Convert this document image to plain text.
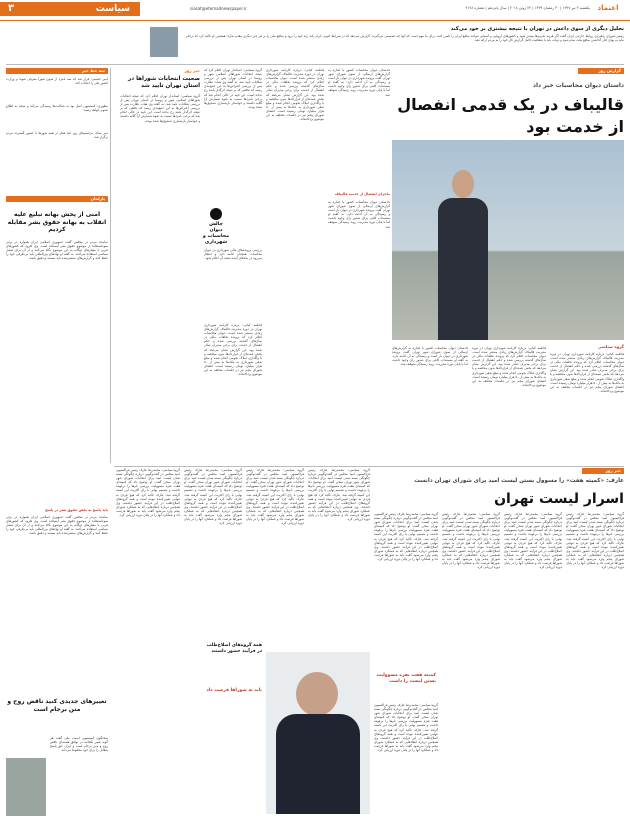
اعتماد
یکشنبه ۳ تیر ۱۳۹۷ | ۳۰ رمضان ۱۴۳۹ | ۲۴ ژوئن ۲۰۱۸ | سال پانزدهم | شماره ۴۱۲۸
siasat@etemadnewspaper.ir
سیاست
۳
تحلیل دیگری از سوی داعش در تهران با نتیجه بیشتری بر خود می‌کند
رئیس شورای راهبردی روابط خارجی ایران گفت اگر هزینه تحریم‌ها بیشتر شود و کشورهای اروپایی و آسیایی نتوانند منافع ایران را تامین کنند، برای ما مهم است که آنها چه تصمیمی می‌گیرند. گزارش می‌دهد که در شرایط کنونی ایران باید راه خود را برود و منافع ملی را بر هر چیز دیگری مقدم بدارد؛ همچنین او تاکید کرد که برجام نباید به بهای کنار گذاشتن منافع ملت تمام شود و دولت باید با شفافیت کامل گزارش کار خود را به مردم ارائه دهد.
سه خط خبر
امیر حسینی: قرار شد که سه نامزد از سوی شورا معرفی شوند و وزارت کشور یکی را انتخاب کند.
مطهری: کمیسیون اصل نود به شکایت‌ها رسیدگی می‌کند و نتیجه به اطلاع عموم خواهد رسید.
دبیر ستاد: مراسم‌های روز عید فطر در همه شهرها با حضور گسترده مردم برگزار شد.
پارلمان
امنی از پخش بهانه تبلیغ علیه انقلاب به بهانه حقوق بشر مقابله کردیم
نماینده مردم در مجلس گفت جمهوری اسلامی ایران همواره در برابر سوءاستفاده از موضوع حقوق بشر ایستاده است. وی افزود که کشورهای غربی با معیارهای دوگانه به این موضوع نگاه می‌کنند و از آن برای فشار سیاسی استفاده می‌کنند. به گفته او نهادهای بین‌المللی باید بی‌طرفی خود را حفظ کنند و گزارش‌های منتشرشده باید مستند و دقیق باشد.
باید پاسخ به نقض حقوق بشر در پاسخ
نماینده مردم در مجلس گفت جمهوری اسلامی ایران همواره در برابر سوءاستفاده از موضوع حقوق بشر ایستاده است. وی افزود که کشورهای غربی با معیارهای دوگانه به این موضوع نگاه می‌کنند و از آن برای فشار سیاسی استفاده می‌کنند. به گفته او نهادهای بین‌المللی باید بی‌طرفی خود را حفظ کنند و گزارش‌های منتشرشده باید مستند و دقیق باشد.
تغییرهای جدیدی کنید ناقض روح و متن برجام است
سخنگوی کمیسیون امنیت ملی گفت هر گونه تغییر یکجانبه در توافق هسته‌ای ناقض روح و متن برجام است و ایران حق پاسخ متقابل را برای خود محفوظ می‌داند.
خبر روز
صحبت انتخابات شوراها در استان تهران تایید شد
گروه سیاسی: استاندار تهران اعلام کرد که نتیجه انتخابات شوراهای اسلامی شهر و روستا در استان تهران پس از بررسی شکایات تایید شد. به گفته وی هیات نظارت پس از بررسی اعتراض‌ها به این جمع‌بندی رسید که تخلفی که بر نتیجه اثرگذار باشد رخ نداده است. این تایید در حالی انجام شد که برخی نامزدها نسبت به نحوه شمارش آرا گلایه داشتند و خواستار بازشماری صندوق‌ها شده بودند.
چالش دیوان محاسبات و شهرداری
بررسی پرونده‌های مالی شهرداری در دیوان محاسبات همچنان ادامه دارد و انتظار می‌رود در ماه‌های آینده نتیجه آن اعلام شود.
گروه سیاسی: استاندار تهران اعلام کرد که نتیجه انتخابات شوراهای اسلامی شهر و روستا در استان تهران پس از بررسی شکایات تایید شد. به گفته وی هیات نظارت پس از بررسی اعتراض‌ها به این جمع‌بندی رسید که تخلفی که بر نتیجه اثرگذار باشد رخ نداده است. این تایید در حالی انجام شد که برخی نامزدها نسبت به نحوه شمارش آرا گلایه داشتند و خواستار بازشماری صندوق‌ها شده بودند.
فاطمه کیانی: درباره کارنامه شهرداری تهران در دوره مدیریت قالیباف گزارش‌های زیادی منتشر شده است. دیوان محاسبات اعلام کرد که پرونده تخلفات مالی در سال‌های گذشته بررسی شده و حکم انفصال از خدمت برای برخی مدیران صادر شده بود. این گزارش نشان می‌دهد که بخش عمده‌ای از قراردادها بدون مناقصه و با واگذاری املاک نجومی انجام شده و مبلغ بدهی شهرداری به بانک‌ها به بیش از ۵۰ هزار میلیارد تومان رسیده است. اعضای شورای پنجم نیز در جلسات مختلف به این موضوع پرداخته‌اند.
فاطمه کیانی: درباره کارنامه شهرداری تهران در دوره مدیریت قالیباف گزارش‌های زیادی منتشر شده است. دیوان محاسبات اعلام کرد که پرونده تخلفات مالی در سال‌های گذشته بررسی شده و حکم انفصال از خدمت برای برخی مدیران صادر شده بود. این گزارش نشان می‌دهد که بخش عمده‌ای از قراردادها بدون مناقصه و با واگذاری املاک نجومی انجام شده و مبلغ بدهی شهرداری به بانک‌ها به بیش از ۵۰ هزار میلیارد تومان رسیده است. اعضای شورای پنجم نیز در جلسات مختلف به این موضوع پرداخته‌اند.
دادستان دیوان محاسبات کشور با اشاره به گزارش‌های ارسالی از سوی شورای شهر تهران گفت پرونده شهرداری در دیوان باز است و رسیدگی به آن ادامه دارد. به گفته او مستندات کافی برای صدور رای وجود داشت اما با پایان دوره مدیریت، روند رسیدگی متوقف شد.
ماجرای انفصال از خدمت قالیباف
دادستان دیوان محاسبات کشور با اشاره به گزارش‌های ارسالی از سوی شورای شهر تهران گفت پرونده شهرداری در دیوان باز است و رسیدگی به آن ادامه دارد. به گفته او مستندات کافی برای صدور رای وجود داشت اما با پایان دوره مدیریت، روند رسیدگی متوقف شد.
گزارش روز
داستان دیوان محاسبات خبر داد
قالیباف در یک قدمی انفصال از خدمت بود
گروه سیاسی
فاطمه کیانی: درباره کارنامه شهرداری تهران در دوره مدیریت قالیباف گزارش‌های زیادی منتشر شده است. دیوان محاسبات اعلام کرد که پرونده تخلفات مالی در سال‌های گذشته بررسی شده و حکم انفصال از خدمت برای برخی مدیران صادر شده بود. این گزارش نشان می‌دهد که بخش عمده‌ای از قراردادها بدون مناقصه و با واگذاری املاک نجومی انجام شده و مبلغ بدهی شهرداری به بانک‌ها به بیش از ۵۰ هزار میلیارد تومان رسیده است. اعضای شورای پنجم نیز در جلسات مختلف به این موضوع پرداخته‌اند.
فاطمه کیانی: درباره کارنامه شهرداری تهران در دوره مدیریت قالیباف گزارش‌های زیادی منتشر شده است. دیوان محاسبات اعلام کرد که پرونده تخلفات مالی در سال‌های گذشته بررسی شده و حکم انفصال از خدمت برای برخی مدیران صادر شده بود. این گزارش نشان می‌دهد که بخش عمده‌ای از قراردادها بدون مناقصه و با واگذاری املاک نجومی انجام شده و مبلغ بدهی شهرداری به بانک‌ها به بیش از ۵۰ هزار میلیارد تومان رسیده است. اعضای شورای پنجم نیز در جلسات مختلف به این موضوع پرداخته‌اند.
دادستان دیوان محاسبات کشور با اشاره به گزارش‌های ارسالی از سوی شورای شهر تهران گفت پرونده شهرداری در دیوان باز است و رسیدگی به آن ادامه دارد. به گفته او مستندات کافی برای صدور رای وجود داشت اما با پایان دوره مدیریت، روند رسیدگی متوقف شد.
خبر روز
عارف: «کمیته هفت» را مسوول بستن لیست امید برای شورای تهران دانست
اسرار لیست تهران
گروه سیاسی: محمدرضا عارف رئیس فراکسیون امید مجلس در گفت‌وگویی درباره چگونگی بسته شدن لیست امید برای انتخابات شورای شهر تهران سخن گفت. او توضیح داد که کمیته‌ای هفت نفره مسوولیت بررسی نام‌ها را برعهده داشت و تصمیم نهایی با رای اکثریت این کمیته گرفته شد. عارف تاکید کرد که هیچ فردی به تنهایی تعیین‌کننده نبوده است و همه گروه‌های اصلاح‌طلب در این فرآیند حضور داشتند. وی همچنین درباره انتقادهایی که به عملکرد شورای پنجم وارد می‌شود گفت باید به شوراها فرصت داد و عملکرد آنها را در پایان دوره ارزیابی کرد.
گروه سیاسی: محمدرضا عارف رئیس فراکسیون امید مجلس در گفت‌وگویی درباره چگونگی بسته شدن لیست امید برای انتخابات شورای شهر تهران سخن گفت. او توضیح داد که کمیته‌ای هفت نفره مسوولیت بررسی نام‌ها را برعهده داشت و تصمیم نهایی با رای اکثریت این کمیته گرفته شد. عارف تاکید کرد که هیچ فردی به تنهایی تعیین‌کننده نبوده است و همه گروه‌های اصلاح‌طلب در این فرآیند حضور داشتند. وی همچنین درباره انتقادهایی که به عملکرد شورای پنجم وارد می‌شود گفت باید به شوراها فرصت داد و عملکرد آنها را در پایان دوره ارزیابی کرد.
گروه سیاسی: محمدرضا عارف رئیس فراکسیون امید مجلس در گفت‌وگویی درباره چگونگی بسته شدن لیست امید برای انتخابات شورای شهر تهران سخن گفت. او توضیح داد که کمیته‌ای هفت نفره مسوولیت بررسی نام‌ها را برعهده داشت و تصمیم نهایی با رای اکثریت این کمیته گرفته شد. عارف تاکید کرد که هیچ فردی به تنهایی تعیین‌کننده نبوده است و همه گروه‌های اصلاح‌طلب در این فرآیند حضور داشتند. وی همچنین درباره انتقادهایی که به عملکرد شورای پنجم وارد می‌شود گفت باید به شوراها فرصت داد و عملکرد آنها را در پایان دوره ارزیابی کرد.
گروه سیاسی: محمدرضا عارف رئیس فراکسیون امید مجلس در گفت‌وگویی درباره چگونگی بسته شدن لیست امید برای انتخابات شورای شهر تهران سخن گفت. او توضیح داد که کمیته‌ای هفت نفره مسوولیت بررسی نام‌ها را برعهده داشت و تصمیم نهایی با رای اکثریت این کمیته گرفته شد. عارف تاکید کرد که هیچ فردی به تنهایی تعیین‌کننده نبوده است و همه گروه‌های اصلاح‌طلب در این فرآیند حضور داشتند. وی همچنین درباره انتقادهایی که به عملکرد شورای پنجم وارد می‌شود گفت باید به شوراها فرصت داد و عملکرد آنها را در پایان دوره ارزیابی کرد.
کمیته هفت نفره مسوولیت بستن لیست را داشت
گروه سیاسی: محمدرضا عارف رئیس فراکسیون امید مجلس در گفت‌وگویی درباره چگونگی بسته شدن لیست امید برای انتخابات شورای شهر تهران سخن گفت. او توضیح داد که کمیته‌ای هفت نفره مسوولیت بررسی نام‌ها را برعهده داشت و تصمیم نهایی با رای اکثریت این کمیته گرفته شد. عارف تاکید کرد که هیچ فردی به تنهایی تعیین‌کننده نبوده است و همه گروه‌های اصلاح‌طلب در این فرآیند حضور داشتند. وی همچنین درباره انتقادهایی که به عملکرد شورای پنجم وارد می‌شود گفت باید به شوراها فرصت داد و عملکرد آنها را در پایان دوره ارزیابی کرد.
گروه سیاسی: محمدرضا عارف رئیس فراکسیون امید مجلس در گفت‌وگویی درباره چگونگی بسته شدن لیست امید برای انتخابات شورای شهر تهران سخن گفت. او توضیح داد که کمیته‌ای هفت نفره مسوولیت بررسی نام‌ها را برعهده داشت و تصمیم نهایی با رای اکثریت این کمیته گرفته شد. عارف تاکید کرد که هیچ فردی به تنهایی تعیین‌کننده نبوده است و همه گروه‌های اصلاح‌طلب در این فرآیند حضور داشتند. وی همچنین درباره انتقادهایی که به عملکرد شورای پنجم وارد می‌شود گفت باید به شوراها فرصت داد و عملکرد آنها را در پایان دوره ارزیابی کرد.
همه گروه‌های اصلاح‌طلب در فرآیند حضور داشتند
باید به شوراها فرصت داد
گروه سیاسی: محمدرضا عارف رئیس فراکسیون امید مجلس در گفت‌وگویی درباره چگونگی بسته شدن لیست امید برای انتخابات شورای شهر تهران سخن گفت. او توضیح داد که کمیته‌ای هفت نفره مسوولیت بررسی نام‌ها را برعهده داشت و تصمیم نهایی با رای اکثریت این کمیته گرفته شد. عارف تاکید کرد که هیچ فردی به تنهایی تعیین‌کننده نبوده است و همه گروه‌های اصلاح‌طلب در این فرآیند حضور داشتند. وی همچنین درباره انتقادهایی که به عملکرد شورای پنجم وارد می‌شود گفت باید به شوراها فرصت داد و عملکرد آنها را در پایان دوره ارزیابی کرد.
گروه سیاسی: محمدرضا عارف رئیس فراکسیون امید مجلس در گفت‌وگویی درباره چگونگی بسته شدن لیست امید برای انتخابات شورای شهر تهران سخن گفت. او توضیح داد که کمیته‌ای هفت نفره مسوولیت بررسی نام‌ها را برعهده داشت و تصمیم نهایی با رای اکثریت این کمیته گرفته شد. عارف تاکید کرد که هیچ فردی به تنهایی تعیین‌کننده نبوده است و همه گروه‌های اصلاح‌طلب در این فرآیند حضور داشتند. وی همچنین درباره انتقادهایی که به عملکرد شورای پنجم وارد می‌شود گفت باید به شوراها فرصت داد و عملکرد آنها را در پایان دوره ارزیابی کرد.
گروه سیاسی: محمدرضا عارف رئیس فراکسیون امید مجلس در گفت‌وگویی درباره چگونگی بسته شدن لیست امید برای انتخابات شورای شهر تهران سخن گفت. او توضیح داد که کمیته‌ای هفت نفره مسوولیت بررسی نام‌ها را برعهده داشت و تصمیم نهایی با رای اکثریت این کمیته گرفته شد. عارف تاکید کرد که هیچ فردی به تنهایی تعیین‌کننده نبوده است و همه گروه‌های اصلاح‌طلب در این فرآیند حضور داشتند. وی همچنین درباره انتقادهایی که به عملکرد شورای پنجم وارد می‌شود گفت باید به شوراها فرصت داد و عملکرد آنها را در پایان دوره ارزیابی کرد.
